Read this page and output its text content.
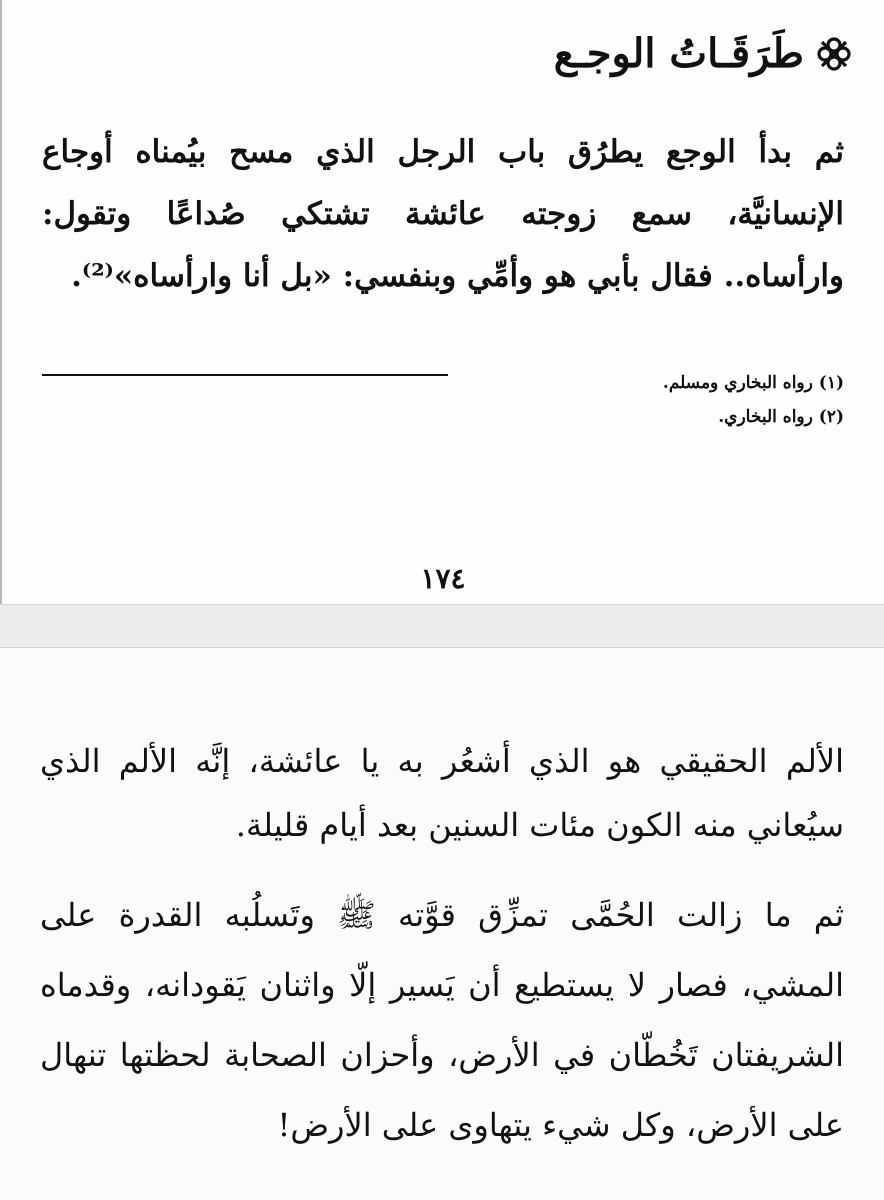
طَرَقَـاتُ الوجـع
ثم بدأ الوجع يطرُق باب الرجل الذي مسح بيُمناه أوجاع
الإنسانيَّة، سمع زوجته عائشة تشتكي صُداعًا وتقول:
وارأساه.. فقال بأبي هو وأمِّي وبنفسي: «بل أنا وارأساه»⁽²⁾.
(١) رواه البخاري ومسلم.
(٢) رواه البخاري.
١٧٤
الألم الحقيقي هو الذي أشعُر به يا عائشة، إنَّه الألم الذي
سيُعاني منه الكون مئات السنين بعد أيام قليلة.
ثم ما زالت الحُمَّى تمزِّق قوَّته ﷺ وتَسلُبه القدرة على
المشي، فصار لا يستطيع أن يَسير إلّا واثنان يَقودانه، وقدماه
الشريفتان تَخُطّان في الأرض، وأحزان الصحابة لحظتها تنهال
على الأرض، وكل شيء يتهاوى على الأرض!
